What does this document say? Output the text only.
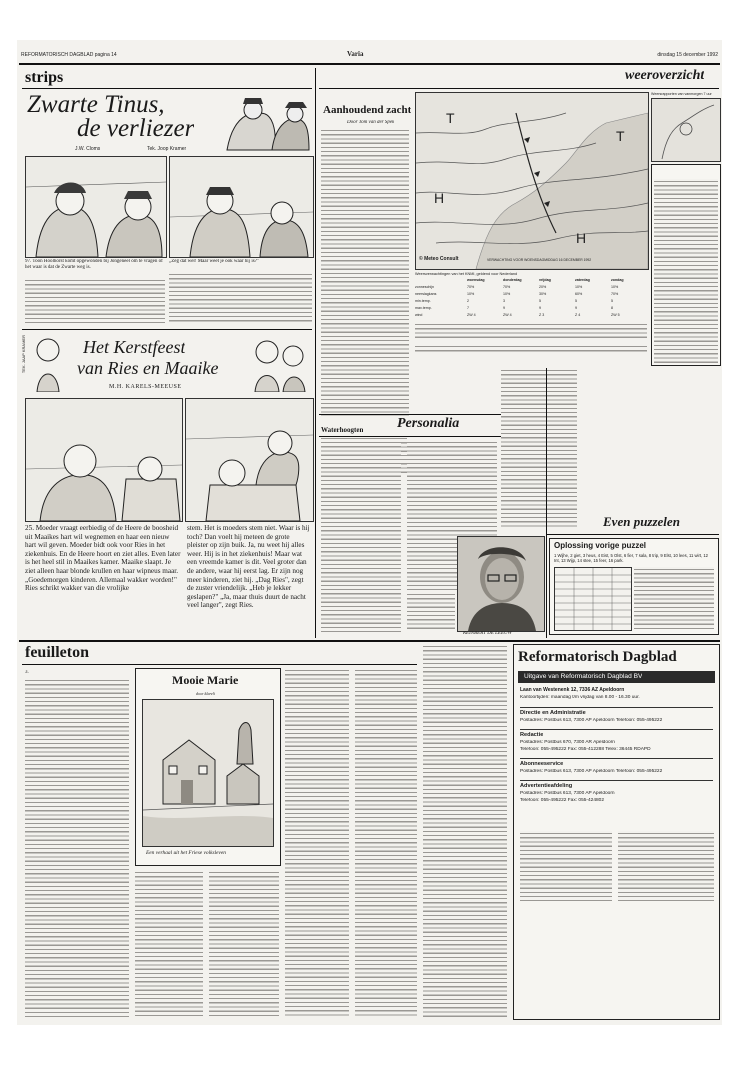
REFORMATORISCH DAGBLAD pagina 14	Varia	dinsdag 15 december 1992
strips
Zwarte Tinus,
de verliezer
J.W. Cloms	Tek. Joop Kramer
97. Toon Hoolhorst komt opgewonden bij Jongeneel om te vragen of het waar is dat de Zwarte weg is.
„Zeg dat wel! Maar weet je ook waar hij is?"
TEK. JAAP KRAMER	Het Kerstfeest
van Ries en Maaike
M.H. KARELS-MEEUSE
25. Moeder vraagt eerbiedig of de Heere de boosheid uit Maaikes hart wil wegnemen en haar een nieuw hart wil geven. Moeder bidt ook voor Ries in het ziekenhuis. En de Heere hoort en ziet alles. Even later is het heel stil in Maaikes kamer. Maaike slaapt. Je ziet alleen haar blonde krullen en haar wipneus maar. „Goedemorgen kinderen. Allemaal wakker worden!" Ries schrikt wakker van die vrolijke
stem. Het is moeders stem niet. Waar is hij toch? Dan voelt hij meteen de grote pleister op zijn buik. Ja, nu weet hij alles weer. Hij is in het ziekenhuis! Maar wat een vreemde kamer is dit. Veel groter dan de andere, waar hij eerst lag. Er zijn nog meer kinderen, ziet hij. „Dag Ries", zegt de zuster vriendelijk. „Heb je lekker geslapen?" „Ja, maar thuis duurt de nacht veel langer", zegt Ries.
Aanhoudend zacht
Door Tom van der Spek
weeroverzicht
T
H
T
H
© Meteo Consult	VERWACHTING VOOR WOENSDAGMIDDAG 16 DECEMBER 1992
Weersverwachtingen van het KNMI, geldend voor Nederland
woensdag	donderdag	vrijdag	zaterdag	zondag
zonneschijn	70%	70%	20%	10%	10%
neerslagkans	10%	10%	30%	60%	70%
min.temp.	2	3	5	5	5
max.temp.	7	9	9	9	8
wind	ZW 4	ZW 4	Z 3	Z 4	ZW 5
Weersrapporten van vanmorgen 7 uur
Waterhoogten Personalia
REINBERT DE LEEUW
Even puzzelen
Oplossing vorige puzzel
1 Wijhe, 2 giet, 3 heus, 4 Eist, 5 Olst, 6 fier, 7 sala, 8 trip, 9 Elst, 10 lees, 11 wirt, 12 Int, 13 Wijp, 14 stee, 15 feer, 16 park.
feuilleton
3.
Mooie Marie
door klareli
Een verhaal uit het Friese volksleven
Reformatorisch Dagblad
Uitgave van Reformatorisch Dagblad BV
Laan van Westenenk 12, 7336 AZ Apeldoorn
Kantoortijden: maandag t/m vrijdag van 8.00 - 16.30 uur.
Directie en Administratie
Postadres: Postbus 613, 7300 AP Apeldoorn Telefoon: 055-495222
Redactie
Postadres: Postbus 670, 7300 AR Apeldoorn
Telefoon: 055-495222 Fax: 055-412288 Telex: 36445 RDAPD
Abonneeservice
Postadres: Postbus 613, 7300 AP Apeldoorn Telefoon: 055-495222
Advertentieafdeling
Postadres: Postbus 613, 7300 AP Apeldoorn
Telefoon: 055-495222 Fax: 055-424802
